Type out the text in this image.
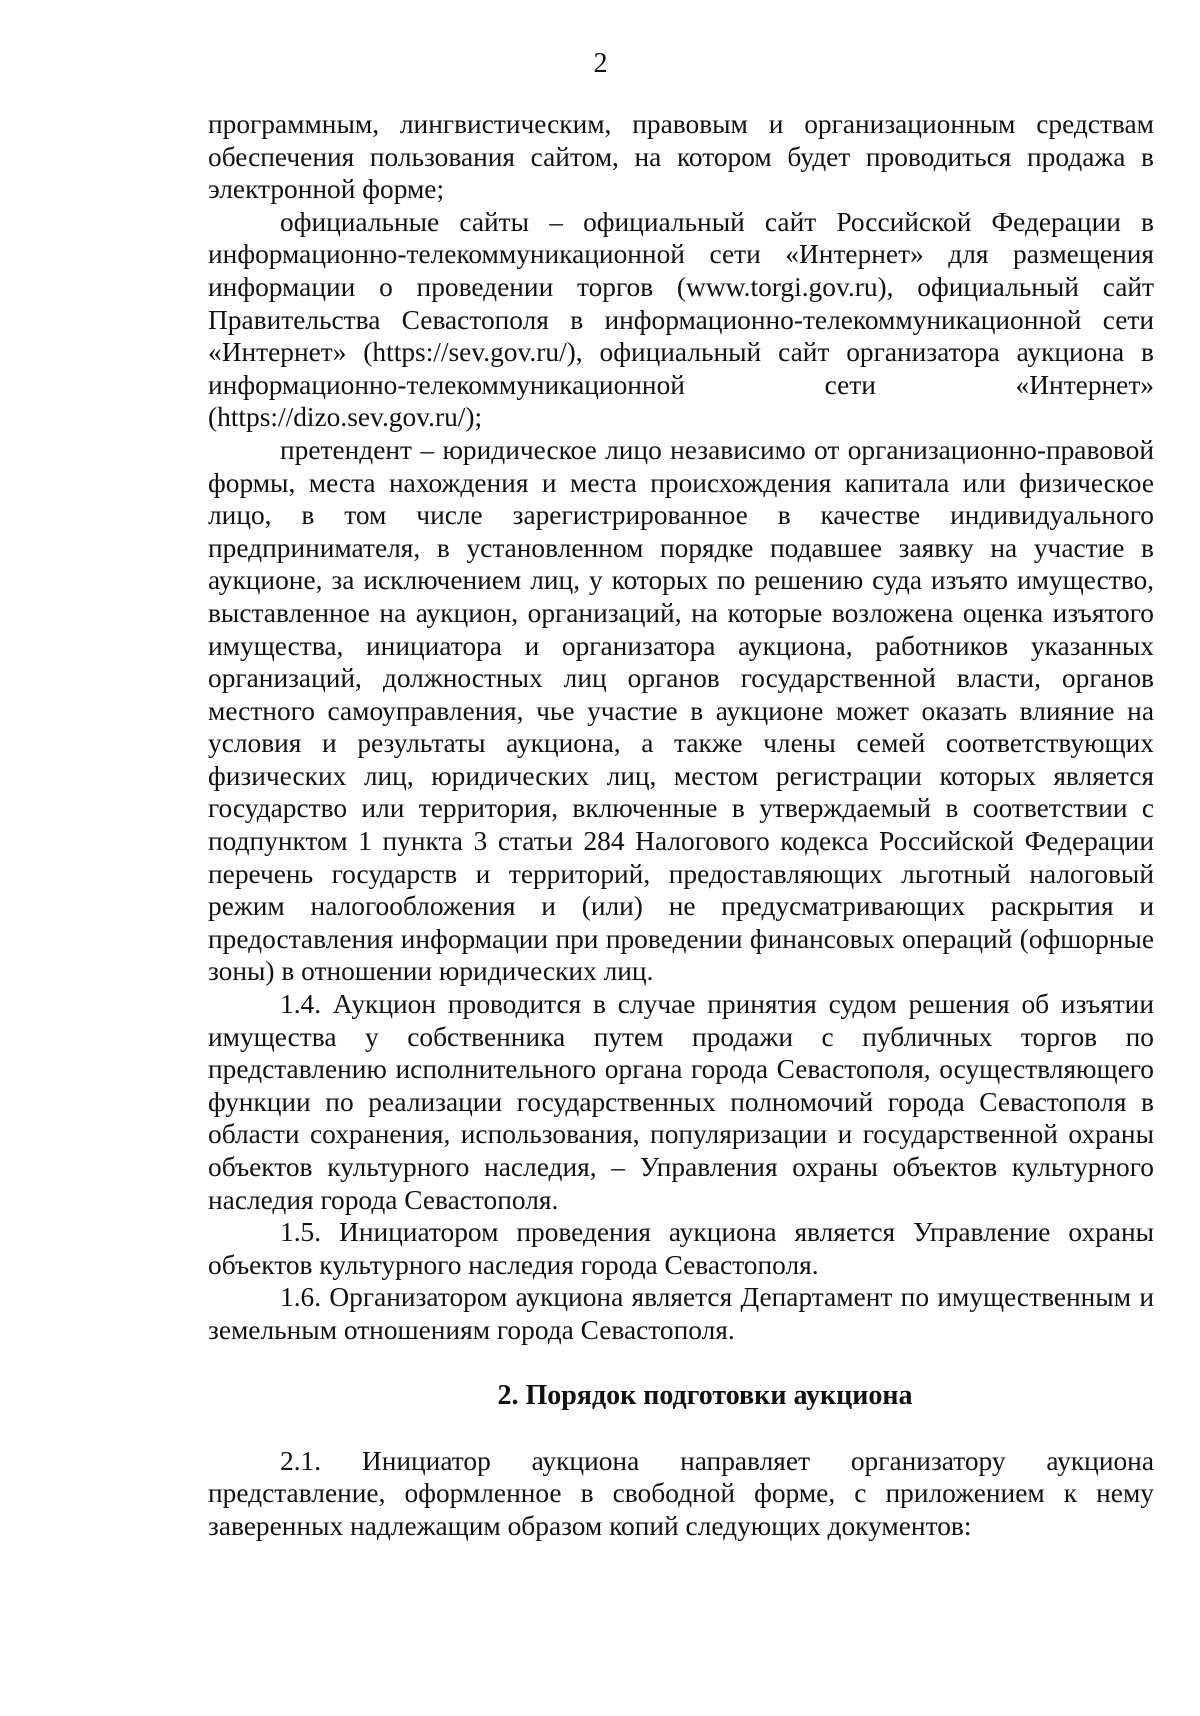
2

программным, лингвистическим, правовым и организационным средствам обеспечения пользования сайтом, на котором будет проводиться продажа в электронной форме;

официальные сайты – официальный сайт Российской Федерации в информационно-телекоммуникационной сети «Интернет» для размещения информации о проведении торгов (www.torgi.gov.ru), официальный сайт Правительства Севастополя в информационно-телекоммуникационной сети «Интернет» (https://sev.gov.ru/), официальный сайт организатора аукциона в информационно-телекоммуникационной сети «Интернет» (https://dizo.sev.gov.ru/);

претендент – юридическое лицо независимо от организационно-правовой формы, места нахождения и места происхождения капитала или физическое лицо, в том числе зарегистрированное в качестве индивидуального предпринимателя, в установленном порядке подавшее заявку на участие в аукционе, за исключением лиц, у которых по решению суда изъято имущество, выставленное на аукцион, организаций, на которые возложена оценка изъятого имущества, инициатора и организатора аукциона, работников указанных организаций, должностных лиц органов государственной власти, органов местного самоуправления, чье участие в аукционе может оказать влияние на условия и результаты аукциона, а также члены семей соответствующих физических лиц, юридических лиц, местом регистрации которых является государство или территория, включенные в утверждаемый в соответствии с подпунктом 1 пункта 3 статьи 284 Налогового кодекса Российской Федерации перечень государств и территорий, предоставляющих льготный налоговый режим налогообложения и (или) не предусматривающих раскрытия и предоставления информации при проведении финансовых операций (офшорные зоны) в отношении юридических лиц.

1.4. Аукцион проводится в случае принятия судом решения об изъятии имущества у собственника путем продажи с публичных торгов по представлению исполнительного органа города Севастополя, осуществляющего функции по реализации государственных полномочий города Севастополя в области сохранения, использования, популяризации и государственной охраны объектов культурного наследия, – Управления охраны объектов культурного наследия города Севастополя.

1.5. Инициатором проведения аукциона является Управление охраны объектов культурного наследия города Севастополя.

1.6. Организатором аукциона является Департамент по имущественным и земельным отношениям города Севастополя.

2. Порядок подготовки аукциона

2.1. Инициатор аукциона направляет организатору аукциона представление, оформленное в свободной форме, с приложением к нему заверенных надлежащим образом копий следующих документов:
